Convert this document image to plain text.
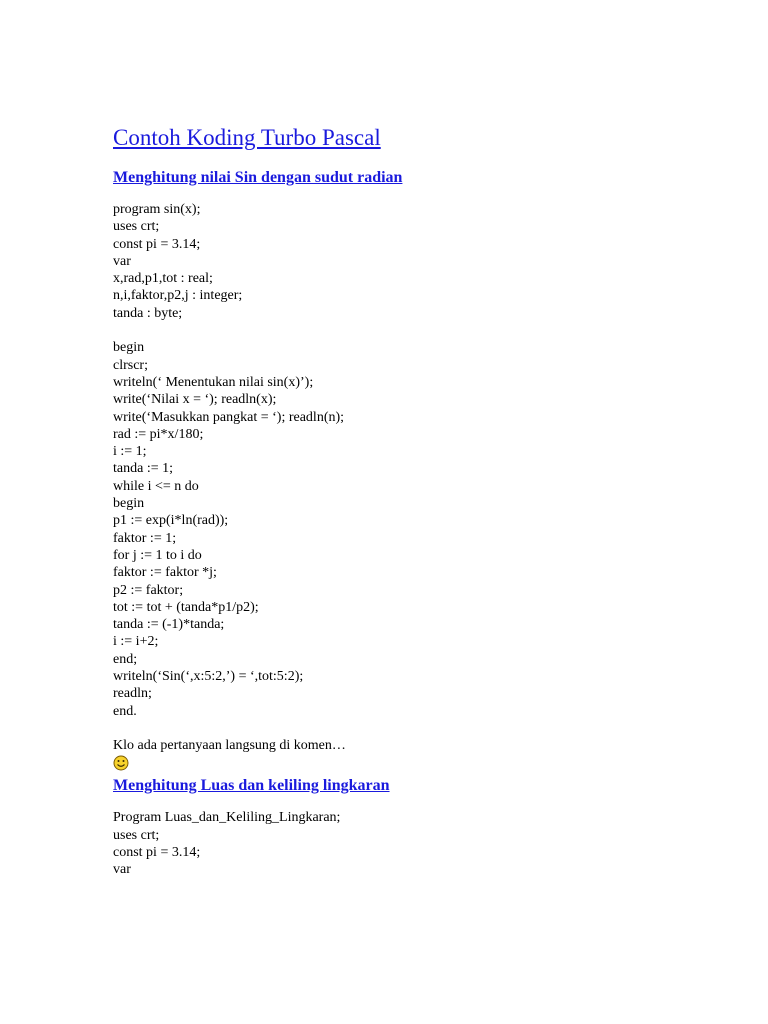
Contoh Koding Turbo Pascal
Menghitung nilai Sin dengan sudut radian
program sin(x);
uses crt;
const pi = 3.14;
var
x,rad,p1,tot : real;
n,i,faktor,p2,j : integer;
tanda : byte;
begin
clrscr;
writeln(‘ Menentukan nilai sin(x)’);
write(‘Nilai x = ‘); readln(x);
write(‘Masukkan pangkat = ‘); readln(n);
rad := pi*x/180;
i := 1;
tanda := 1;
while i <= n do
begin
p1 := exp(i*ln(rad));
faktor := 1;
for j := 1 to i do
faktor := faktor *j;
p2 := faktor;
tot := tot + (tanda*p1/p2);
tanda := (-1)*tanda;
i := i+2;
end;
writeln(‘Sin(‘,x:5:2,’) = ‘,tot:5:2);
readln;
end.
Klo ada pertanyaan langsung di komen…
Menghitung Luas dan keliling lingkaran
Program Luas_dan_Keliling_Lingkaran;
uses crt;
const pi = 3.14;
var
